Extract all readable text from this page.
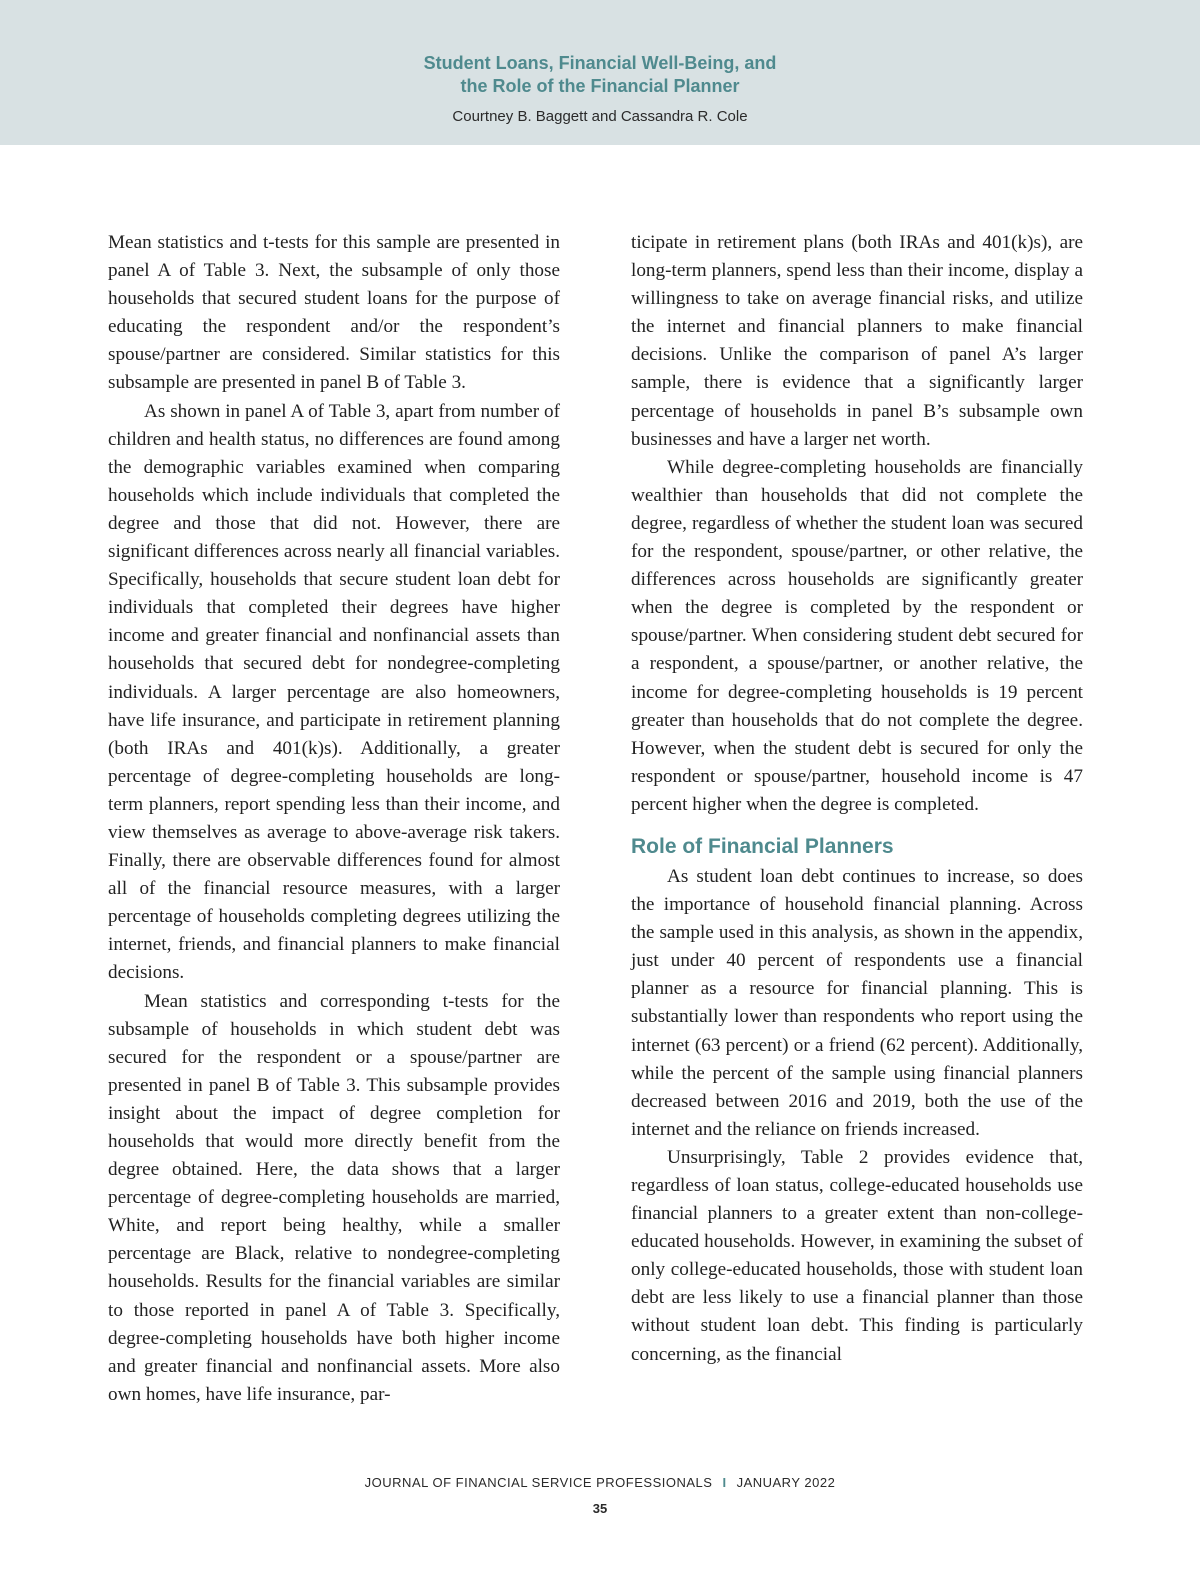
Student Loans, Financial Well-Being, and
the Role of the Financial Planner
Courtney B. Baggett and Cassandra R. Cole

Mean statistics and t-tests for this sample are presented in panel A of Table 3. Next, the subsample of only those households that secured student loans for the purpose of educating the respondent and/or the respondent’s spouse/partner are considered. Similar statistics for this subsample are presented in panel B of Table 3.

As shown in panel A of Table 3, apart from number of children and health status, no differences are found among the demographic variables examined when comparing households which include individuals that completed the degree and those that did not. However, there are significant differences across nearly all financial variables. Specifically, households that secure student loan debt for individuals that completed their degrees have higher income and greater financial and nonfinancial assets than households that secured debt for nondegree-completing individuals. A larger percentage are also homeowners, have life insurance, and participate in retirement planning (both IRAs and 401(k)s). Additionally, a greater percentage of degree-completing households are long-term planners, report spending less than their income, and view themselves as average to above-average risk takers. Finally, there are observable differences found for almost all of the financial resource measures, with a larger percentage of households completing degrees utilizing the internet, friends, and financial planners to make financial decisions.

Mean statistics and corresponding t-tests for the subsample of households in which student debt was secured for the respondent or a spouse/partner are presented in panel B of Table 3. This subsample provides insight about the impact of degree completion for households that would more directly benefit from the degree obtained. Here, the data shows that a larger percentage of degree-completing households are married, White, and report being healthy, while a smaller percentage are Black, relative to nondegree-completing households. Results for the financial variables are similar to those reported in panel A of Table 3. Specifically, degree-completing households have both higher income and greater financial and nonfinancial assets. More also own homes, have life insurance, par-

ticipate in retirement plans (both IRAs and 401(k)s), are long-term planners, spend less than their income, display a willingness to take on average financial risks, and utilize the internet and financial planners to make financial decisions. Unlike the comparison of panel A’s larger sample, there is evidence that a significantly larger percentage of households in panel B’s subsample own businesses and have a larger net worth.

While degree-completing households are financially wealthier than households that did not complete the degree, regardless of whether the student loan was secured for the respondent, spouse/partner, or other relative, the differences across households are significantly greater when the degree is completed by the respondent or spouse/partner. When considering student debt secured for a respondent, a spouse/partner, or another relative, the income for degree-completing households is 19 percent greater than households that do not complete the degree. However, when the student debt is secured for only the respondent or spouse/partner, household income is 47 percent higher when the degree is completed.

Role of Financial Planners

As student loan debt continues to increase, so does the importance of household financial planning. Across the sample used in this analysis, as shown in the appendix, just under 40 percent of respondents use a financial planner as a resource for financial planning. This is substantially lower than respondents who report using the internet (63 percent) or a friend (62 percent). Additionally, while the percent of the sample using financial planners decreased between 2016 and 2019, both the use of the internet and the reliance on friends increased.

Unsurprisingly, Table 2 provides evidence that, regardless of loan status, college-educated households use financial planners to a greater extent than non-college-educated households. However, in examining the subset of only college-educated households, those with student loan debt are less likely to use a financial planner than those without student loan debt. This finding is particularly concerning, as the financial

JOURNAL OF FINANCIAL SERVICE PROFESSIONALS I JANUARY 2022
35
